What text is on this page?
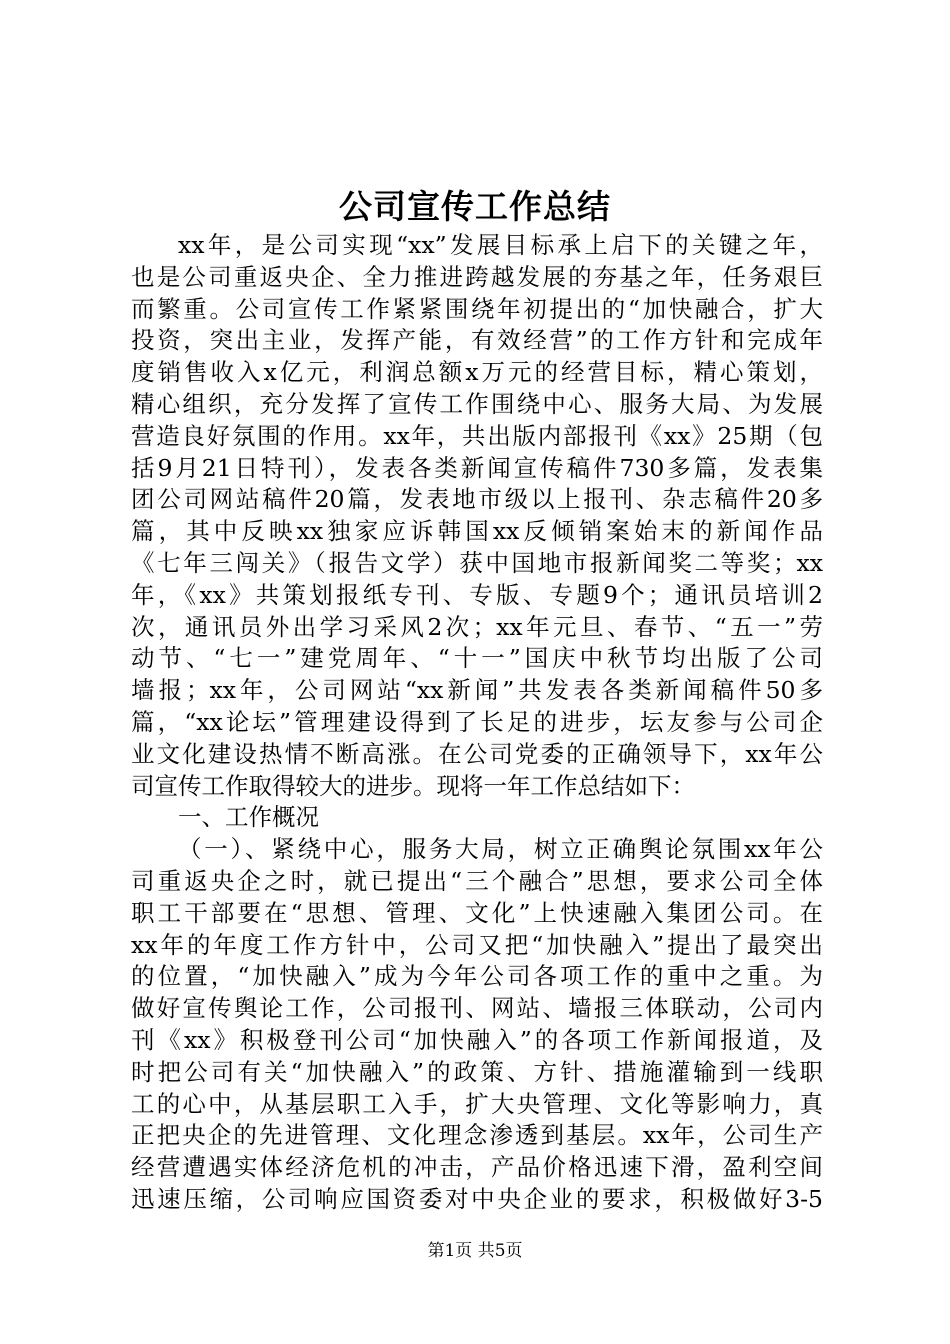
公司宣传工作总结
xx年，是公司实现“xx”发展目标承上启下的关键之年，
也是公司重返央企、全力推进跨越发展的夯基之年，任务艰巨
而繁重。公司宣传工作紧紧围绕年初提出的“加快融合，扩大
投资，突出主业，发挥产能，有效经营”的工作方针和完成年
度销售收入x亿元，利润总额x万元的经营目标，精心策划，
精心组织，充分发挥了宣传工作围绕中心、服务大局、为发展
营造良好氛围的作用。xx年，共出版内部报刊《xx》25期（包
括9月21日特刊），发表各类新闻宣传稿件730多篇，发表集
团公司网站稿件20篇，发表地市级以上报刊、杂志稿件20多
篇，其中反映xx独家应诉韩国xx反倾销案始末的新闻作品
《七年三闯关》（报告文学）获中国地市报新闻奖二等奖；xx
年，《xx》共策划报纸专刊、专版、专题9个；通讯员培训2
次，通讯员外出学习采风2次；xx年元旦、春节、“五一”劳
动节、“七一”建党周年、“十一”国庆中秋节均出版了公司
墙报；xx年，公司网站“xx新闻”共发表各类新闻稿件50多
篇，“xx论坛”管理建设得到了长足的进步，坛友参与公司企
业文化建设热情不断高涨。在公司党委的正确领导下，xx年公
司宣传工作取得较大的进步。现将一年工作总结如下：
一、工作概况
（一）、紧绕中心，服务大局，树立正确舆论氛围xx年公
司重返央企之时，就已提出“三个融合”思想，要求公司全体
职工干部要在“思想、管理、文化”上快速融入集团公司。在
xx年的年度工作方针中，公司又把“加快融入”提出了最突出
的位置，“加快融入”成为今年公司各项工作的重中之重。为
做好宣传舆论工作，公司报刊、网站、墙报三体联动，公司内
刊《xx》积极登刊公司“加快融入”的各项工作新闻报道，及
时把公司有关“加快融入”的政策、方针、措施灌输到一线职
工的心中，从基层职工入手，扩大央管理、文化等影响力，真
正把央企的先进管理、文化理念渗透到基层。xx年，公司生产
经营遭遇实体经济危机的冲击，产品价格迅速下滑，盈利空间
迅速压缩，公司响应国资委对中央企业的要求，积极做好3-5
第1页 共5页
